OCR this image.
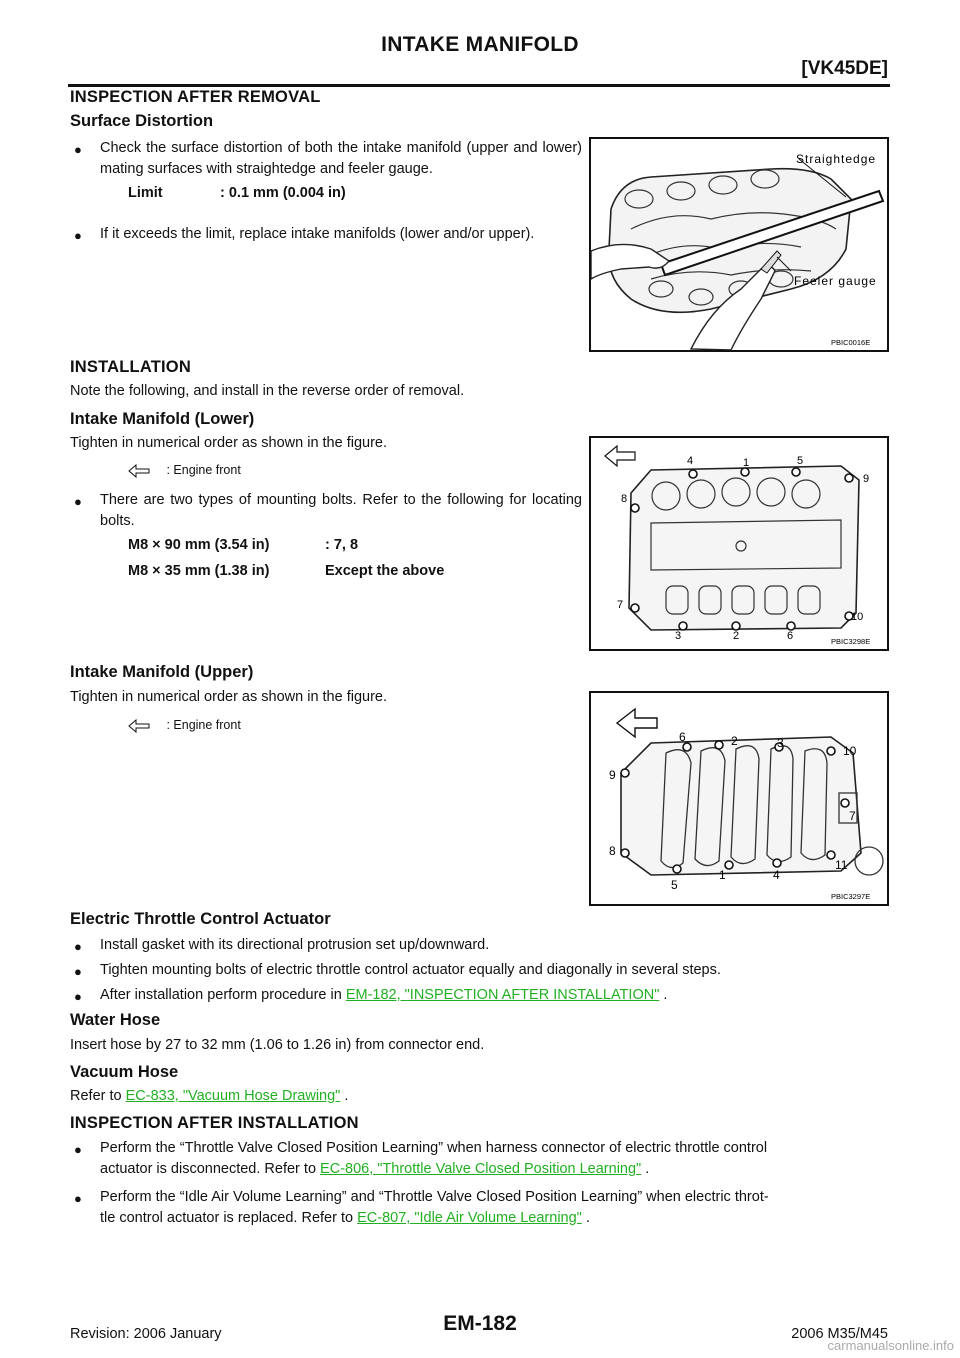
INTAKE MANIFOLD
[VK45DE]
INSPECTION AFTER REMOVAL
Surface Distortion
● Check the surface distortion of both the intake manifold (upper and lower) mating surfaces with straightedge and feeler gauge.
Limit	: 0.1 mm (0.004 in)
● If it exceeds the limit, replace intake manifolds (lower and/or upper).
Straightedge
Feeler gauge
PBIC0016E
INSTALLATION
Note the following, and install in the reverse order of removal.
Intake Manifold (Lower)
Tighten in numerical order as shown in the figure.
: Engine front
● There are two types of mounting bolts. Refer to the following for locating bolts.
M8 × 90 mm (3.54 in)	: 7, 8
M8 × 35 mm (1.38 in)	Except the above
4	1	5
9
8
7
10
3	2	6	PBIC3298E
Intake Manifold (Upper)
Tighten in numerical order as shown in the figure.
: Engine front
6	2	3
10
9
7
8
11
5
1	4
PBIC3297E
Electric Throttle Control Actuator
● Install gasket with its directional protrusion set up/downward.
● Tighten mounting bolts of electric throttle control actuator equally and diagonally in several steps.
● After installation perform procedure in EM-182, "INSPECTION AFTER INSTALLATION" .
Water Hose
Insert hose by 27 to 32 mm (1.06 to 1.26 in) from connector end.
Vacuum Hose
Refer to EC-833, "Vacuum Hose Drawing" .
INSPECTION AFTER INSTALLATION
● Perform the “Throttle Valve Closed Position Learning” when harness connector of electric throttle control
actuator is disconnected. Refer to EC-806, "Throttle Valve Closed Position Learning" .
● Perform the “Idle Air Volume Learning” and “Throttle Valve Closed Position Learning” when electric throt-
tle control actuator is replaced. Refer to EC-807, "Idle Air Volume Learning" .
Revision: 2006 January	EM-182	2006 M35/M45
carmanualsonline.info
